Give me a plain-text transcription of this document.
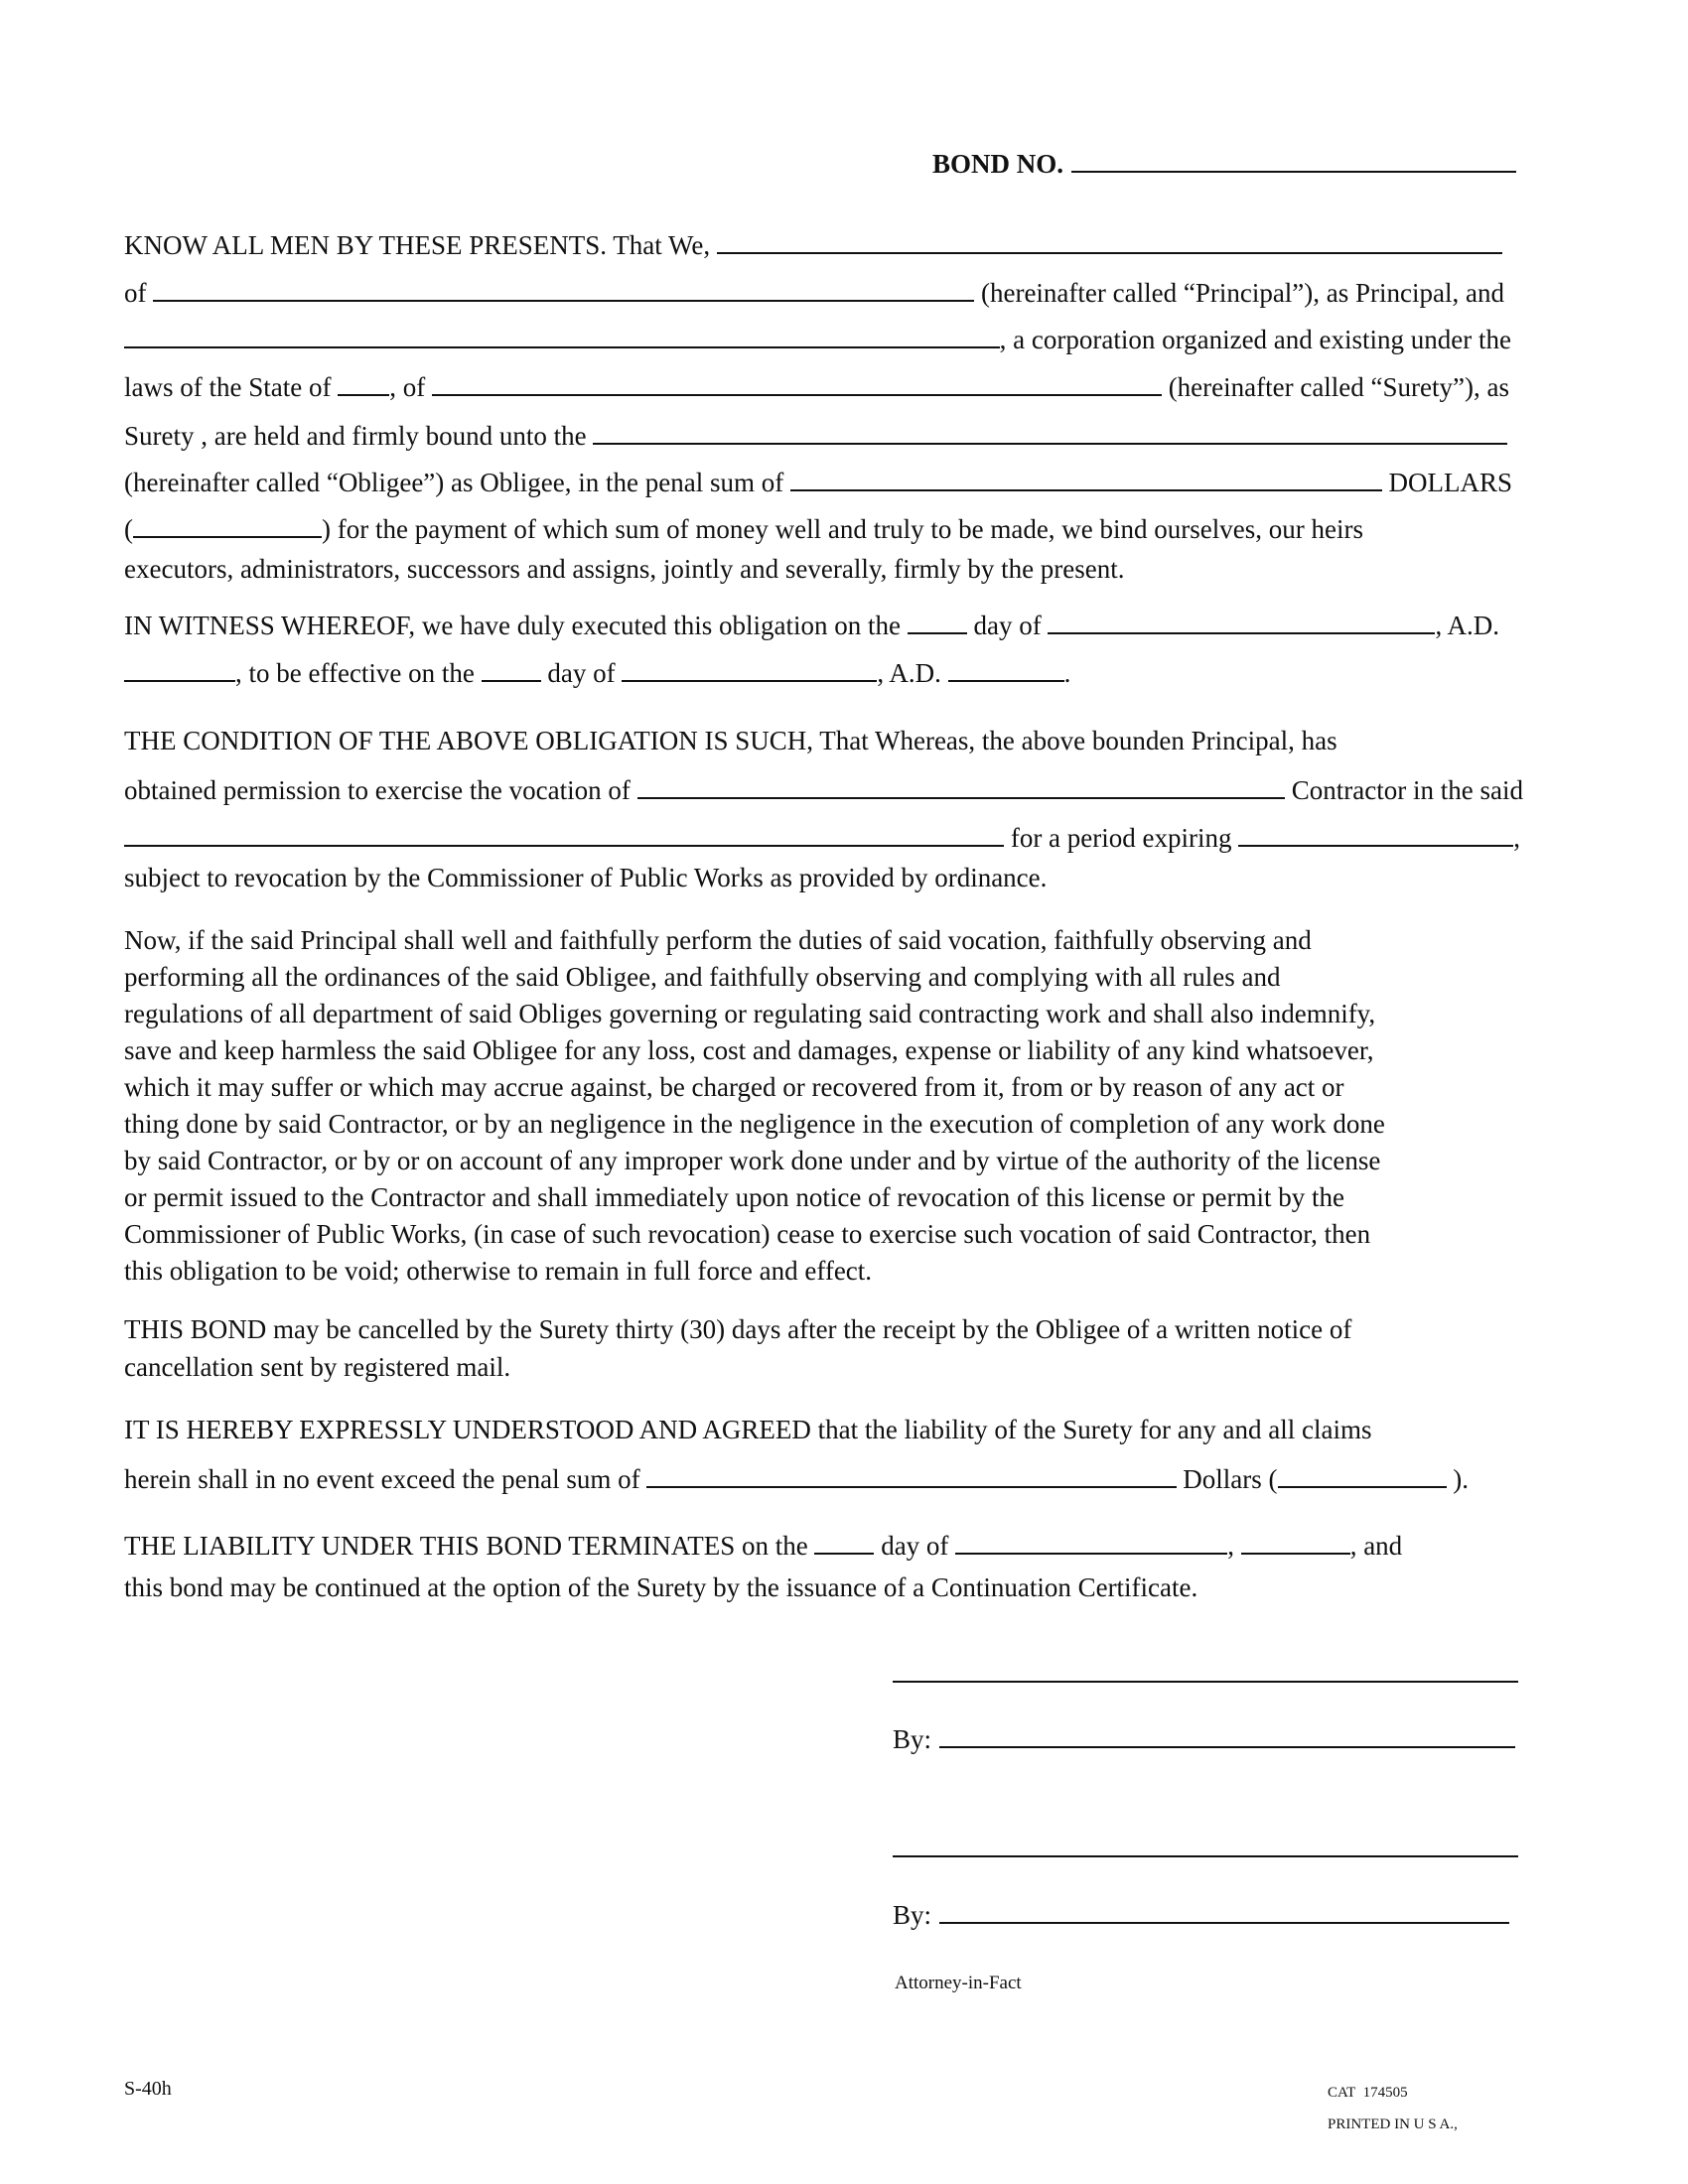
BOND NO.
KNOW ALL MEN BY THESE PRESENTS. That We,
of	(hereinafter called “Principal”), as Principal, and
, a corporation organized and existing under the
laws of the State of , of	(hereinafter called “Surety”), as
Surety , are held and firmly bound unto the
(hereinafter called “Obligee”) as Obligee, in the penal sum of	DOLLARS
(	) for the payment of which sum of money well and truly to be made, we bind ourselves, our heirs
executors, administrators, successors and assigns, jointly and severally, firmly by the present.
IN WITNESS WHEREOF, we have duly executed this obligation on the day of	, A.D.
, to be effective on the day of	, A.D.	.
THE CONDITION OF THE ABOVE OBLIGATION IS SUCH, That Whereas, the above bounden Principal, has
obtained permission to exercise the vocation of	Contractor in the said
for a period expiring	,
subject to revocation by the Commissioner of Public Works as provided by ordinance.
Now, if the said Principal shall well and faithfully perform the duties of said vocation, faithfully observing and
performing all the ordinances of the said Obligee, and faithfully observing and complying with all rules and
regulations of all department of said Obliges governing or regulating said contracting work and shall also indemnify,
save and keep harmless the said Obligee for any loss, cost and damages, expense or liability of any kind whatsoever,
which it may suffer or which may accrue against, be charged or recovered from it, from or by reason of any act or
thing done by said Contractor, or by an negligence in the negligence in the execution of completion of any work done
by said Contractor, or by or on account of any improper work done under and by virtue of the authority of the license
or permit issued to the Contractor and shall immediately upon notice of revocation of this license or permit by the
Commissioner of Public Works, (in case of such revocation) cease to exercise such vocation of said Contractor, then
this obligation to be void; otherwise to remain in full force and effect.
THIS BOND may be cancelled by the Surety thirty (30) days after the receipt by the Obligee of a written notice of
cancellation sent by registered mail.
IT IS HEREBY EXPRESSLY UNDERSTOOD AND AGREED that the liability of the Surety for any and all claims
herein shall in no event exceed the penal sum of	Dollars (	).
THE LIABILITY UNDER THIS BOND TERMINATES on the day of	,	, and
this bond may be continued at the option of the Surety by the issuance of a Continuation Certificate.
By:
By:
Attorney-in-Fact
S-40h	CAT  174505
PRINTED IN U S A.,
